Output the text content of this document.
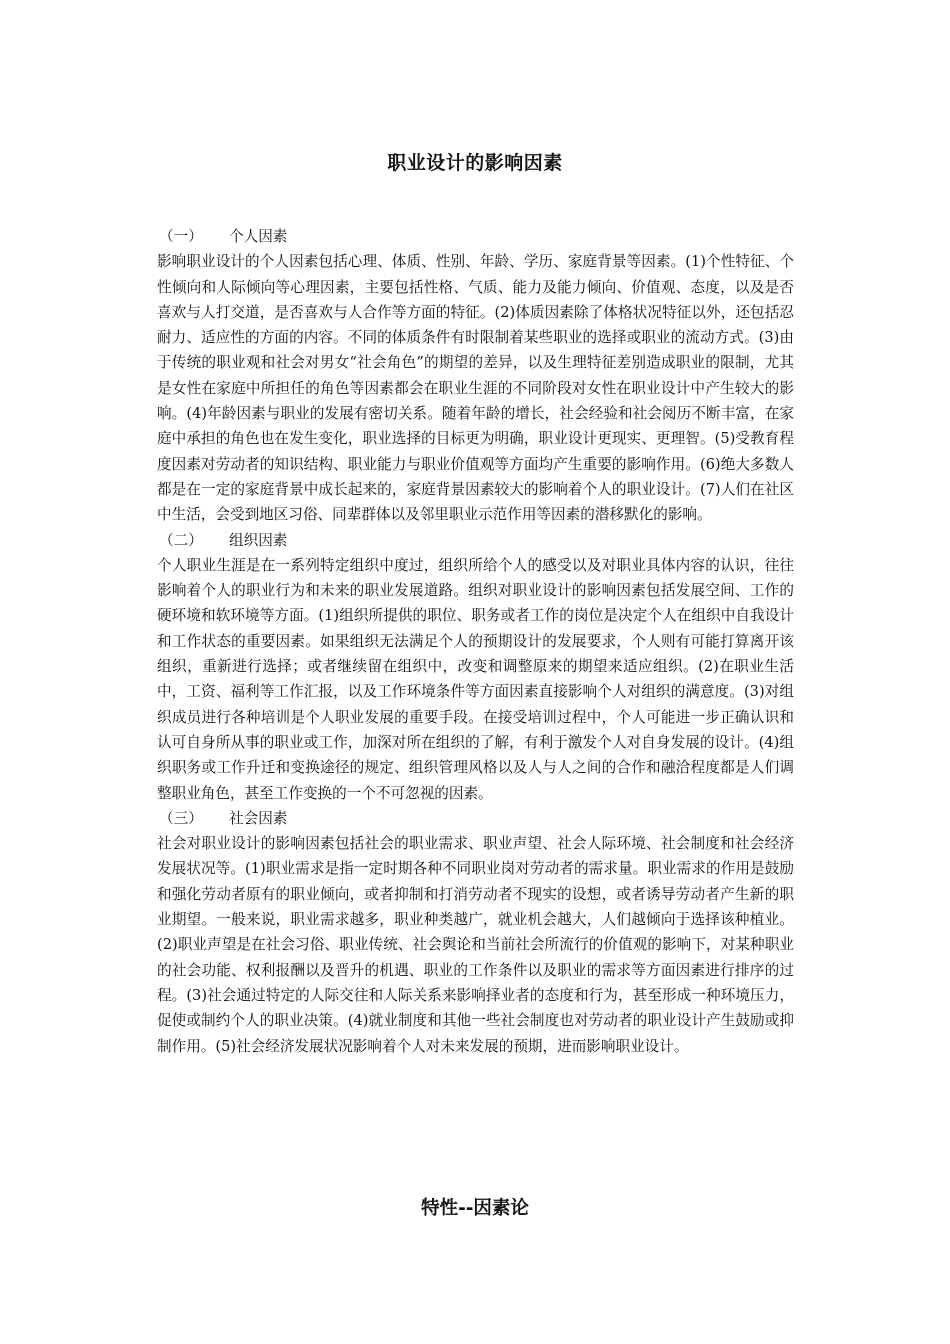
职业设计的影响因素
（一） 个人因素

影响职业设计的个人因素包括心理、体质、性别、年龄、学历、家庭背景等因素。(1)个性特征、个性倾向和人际倾向等心理因素，主要包括性格、气质、能力及能力倾向、价值观、态度，以及是否喜欢与人打交道，是否喜欢与人合作等方面的特征。(2)体质因素除了体格状况特征以外，还包括忍耐力、适应性的方面的内容。不同的体质条件有时限制着某些职业的选择或职业的流动方式。(3)由于传统的职业观和社会对男女“社会角色”的期望的差异，以及生理特征差别造成职业的限制，尤其是女性在家庭中所担任的角色等因素都会在职业生涯的不同阶段对女性在职业设计中产生较大的影响。(4)年龄因素与职业的发展有密切关系。随着年龄的增长，社会经验和社会阅历不断丰富，在家庭中承担的角色也在发生变化，职业选择的目标更为明确，职业设计更现实、更理智。(5)受教育程度因素对劳动者的知识结构、职业能力与职业价值观等方面均产生重要的影响作用。(6)绝大多数人都是在一定的家庭背景中成长起来的，家庭背景因素较大的影响着个人的职业设计。(7)人们在社区中生活，会受到地区习俗、同辈群体以及邻里职业示范作用等因素的潜移默化的影响。

（二） 组织因素

个人职业生涯是在一系列特定组织中度过，组织所给个人的感受以及对职业具体内容的认识，往往影响着个人的职业行为和未来的职业发展道路。组织对职业设计的影响因素包括发展空间、工作的硬环境和软环境等方面。(1)组织所提供的职位、职务或者工作的岗位是决定个人在组织中自我设计和工作状态的重要因素。如果组织无法满足个人的预期设计的发展要求，个人则有可能打算离开该组织，重新进行选择；或者继续留在组织中，改变和调整原来的期望来适应组织。(2)在职业生活中，工资、福利等工作汇报，以及工作环境条件等方面因素直接影响个人对组织的满意度。(3)对组织成员进行各种培训是个人职业发展的重要手段。在接受培训过程中，个人可能进一步正确认识和认可自身所从事的职业或工作，加深对所在组织的了解，有利于激发个人对自身发展的设计。(4)组织职务或工作升迁和变换途径的规定、组织管理风格以及人与人之间的合作和融洽程度都是人们调整职业角色，甚至工作变换的一个不可忽视的因素。

（三） 社会因素

社会对职业设计的影响因素包括社会的职业需求、职业声望、社会人际环境、社会制度和社会经济发展状况等。(1)职业需求是指一定时期各种不同职业岗对劳动者的需求量。职业需求的作用是鼓励和强化劳动者原有的职业倾向，或者抑制和打消劳动者不现实的设想，或者诱导劳动者产生新的职业期望。一般来说，职业需求越多，职业种类越广，就业机会越大，人们越倾向于选择该种植业。(2)职业声望是在社会习俗、职业传统、社会舆论和当前社会所流行的价值观的影响下，对某种职业的社会功能、权利报酬以及晋升的机遇、职业的工作条件以及职业的需求等方面因素进行排序的过程。(3)社会通过特定的人际交往和人际关系来影响择业者的态度和行为，甚至形成一种环境压力，促使或制约个人的职业决策。(4)就业制度和其他一些社会制度也对劳动者的职业设计产生鼓励或抑制作用。(5)社会经济发展状况影响着个人对未来发展的预期，进而影响职业设计。

特性--因素论
